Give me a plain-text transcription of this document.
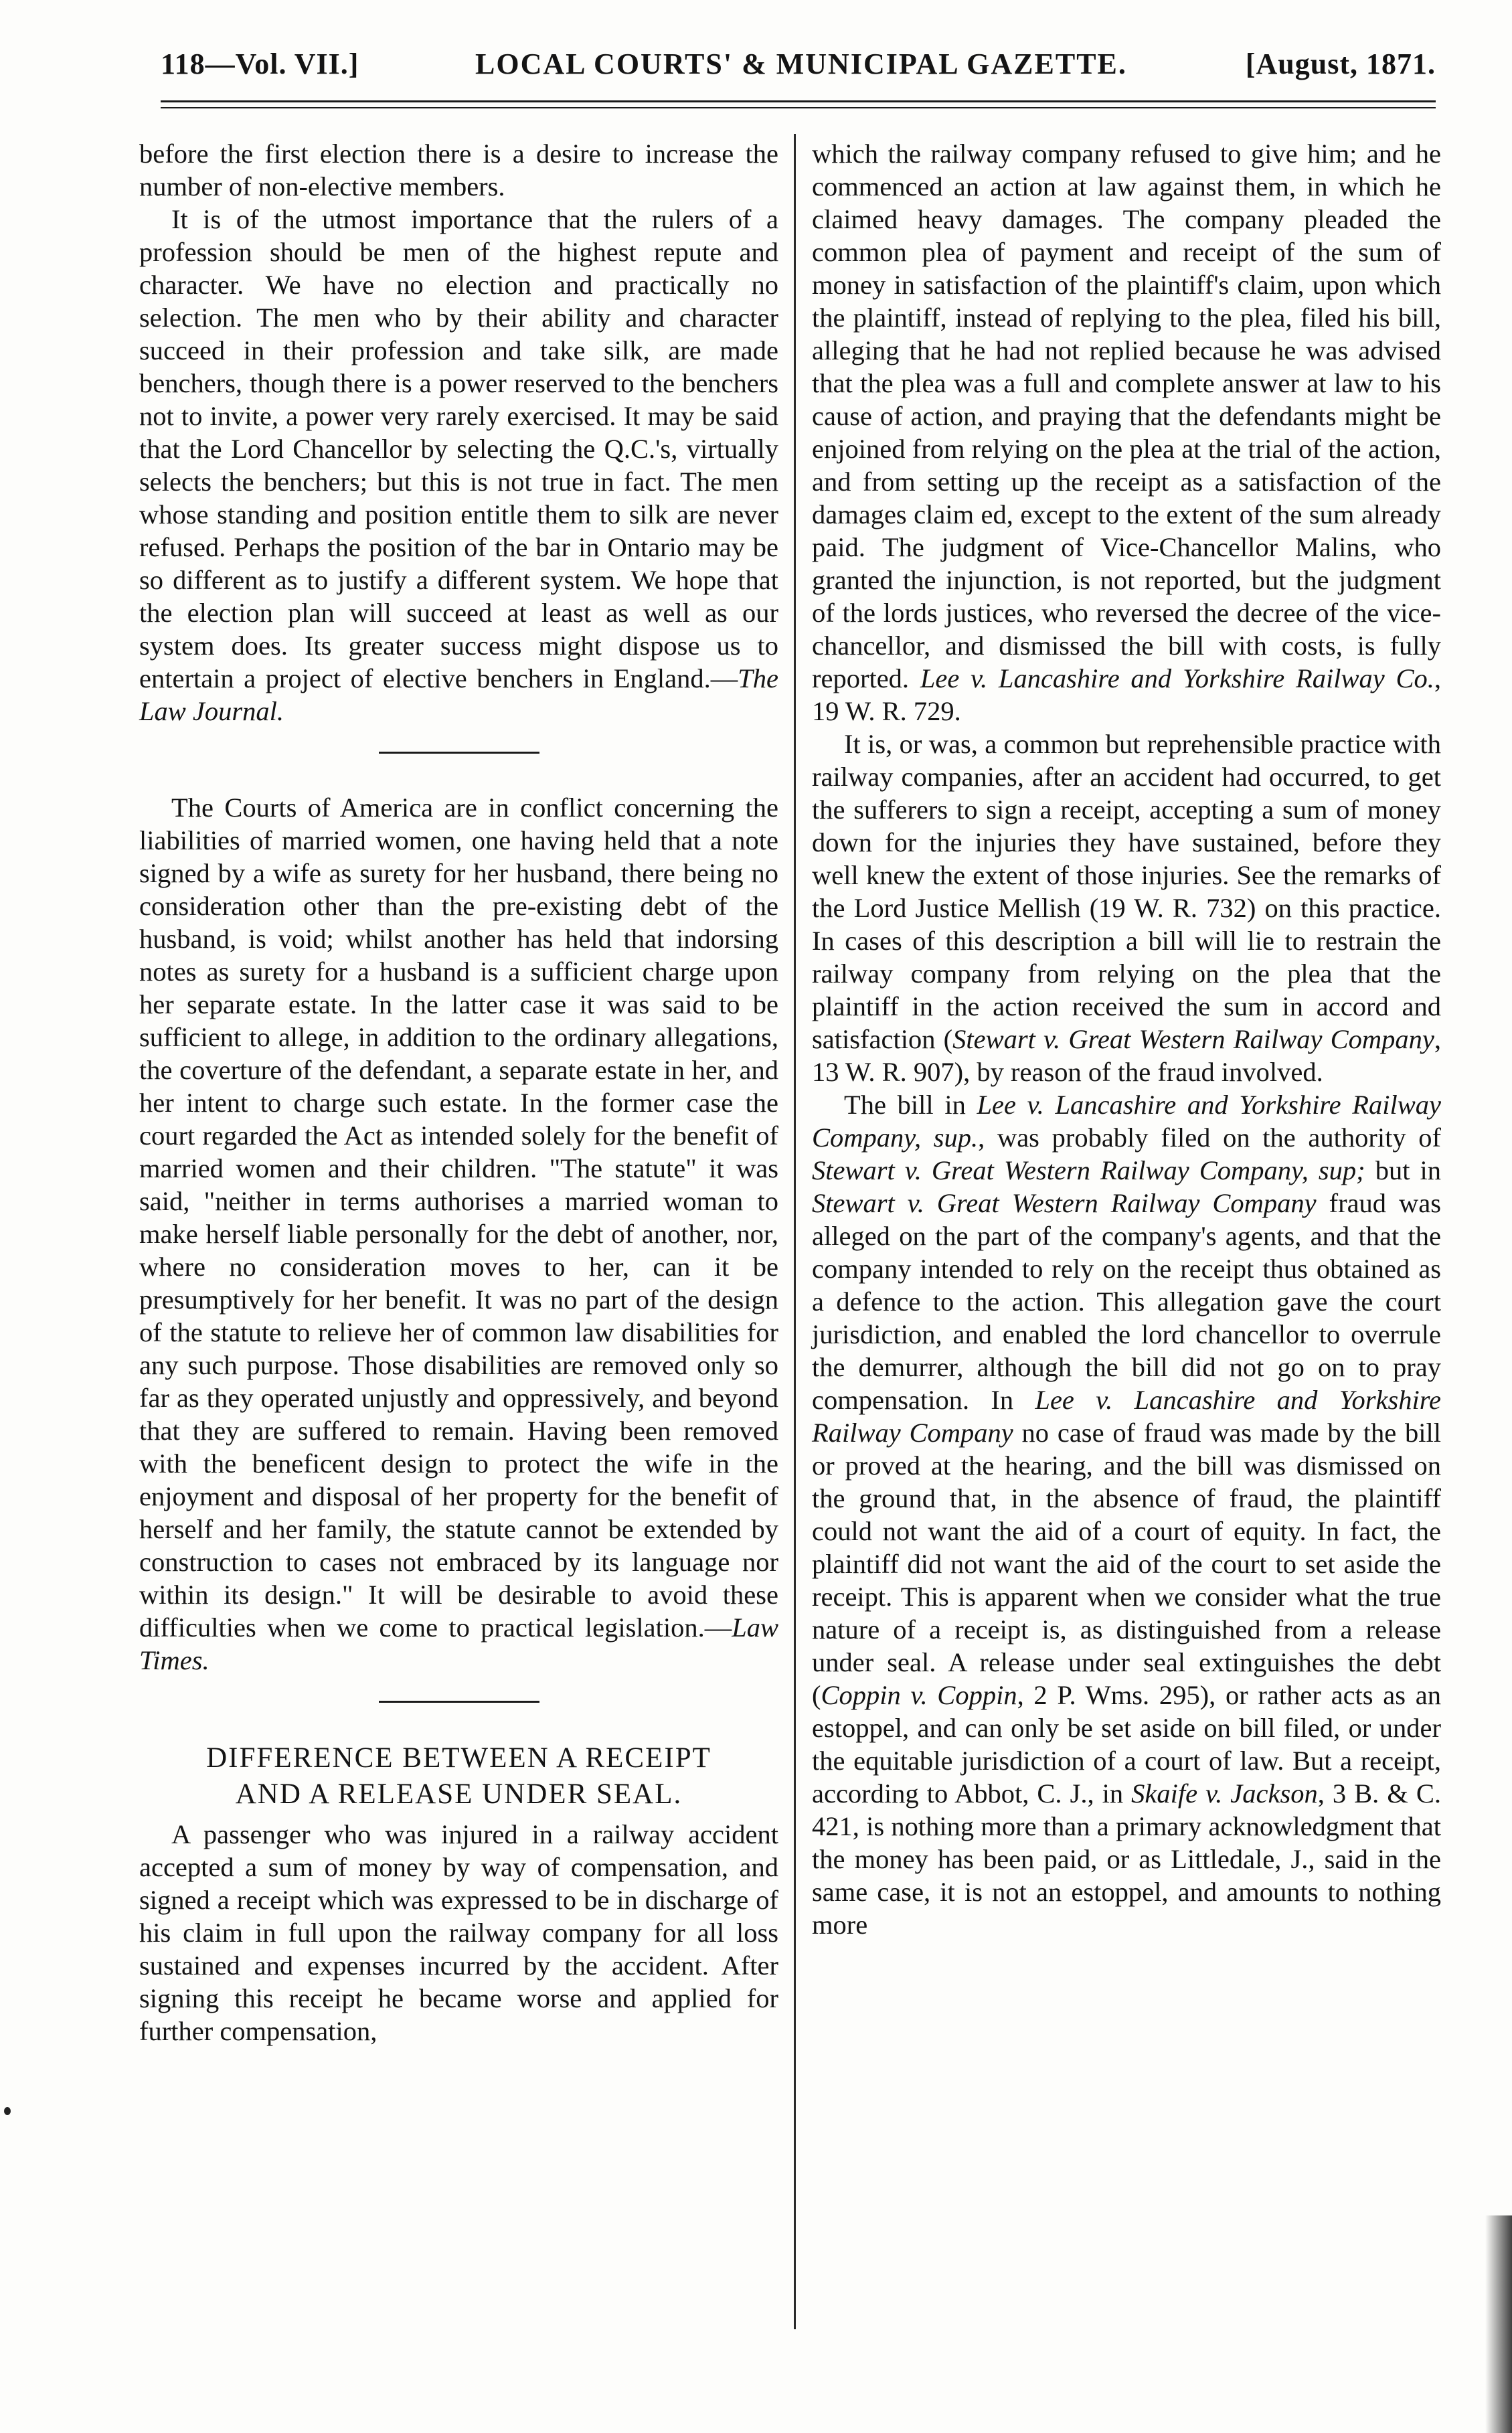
118—Vol. VII.]	LOCAL COURTS' & MUNICIPAL GAZETTE.	[August, 1871.

before the first election there is a desire to increase the number of non-elective members.

It is of the utmost importance that the rulers of a profession should be men of the highest repute and character. We have no election and practically no selection. The men who by their ability and character succeed in their profession and take silk, are made benchers, though there is a power reserved to the benchers not to invite, a power very rarely exercised. It may be said that the Lord Chancellor by selecting the Q.C.'s, virtually selects the benchers; but this is not true in fact. The men whose standing and position entitle them to silk are never refused. Perhaps the position of the bar in Ontario may be so different as to justify a different system. We hope that the election plan will succeed at least as well as our system does. Its greater success might dispose us to entertain a project of elective benchers in England.—The Law Journal.

The Courts of America are in conflict concerning the liabilities of married women, one having held that a note signed by a wife as surety for her husband, there being no consideration other than the pre-existing debt of the husband, is void; whilst another has held that indorsing notes as surety for a husband is a sufficient charge upon her separate estate. In the latter case it was said to be sufficient to allege, in addition to the ordinary allegations, the coverture of the defendant, a separate estate in her, and her intent to charge such estate. In the former case the court regarded the Act as intended solely for the benefit of married women and their children. "The statute" it was said, "neither in terms authorises a married woman to make herself liable personally for the debt of another, nor, where no consideration moves to her, can it be presumptively for her benefit. It was no part of the design of the statute to relieve her of common law disabilities for any such purpose. Those disabilities are removed only so far as they operated unjustly and oppressively, and beyond that they are suffered to remain. Having been removed with the beneficent design to protect the wife in the enjoyment and disposal of her property for the benefit of herself and her family, the statute cannot be extended by construction to cases not embraced by its language nor within its design." It will be desirable to avoid these difficulties when we come to practical legislation.—Law Times.

DIFFERENCE BETWEEN A RECEIPT
AND A RELEASE UNDER SEAL.

A passenger who was injured in a railway accident accepted a sum of money by way of compensation, and signed a receipt which was expressed to be in discharge of his claim in full upon the railway company for all loss sustained and expenses incurred by the accident. After signing this receipt he became worse and applied for further compensation,

which the railway company refused to give him; and he commenced an action at law against them, in which he claimed heavy damages. The company pleaded the common plea of payment and receipt of the sum of money in satisfaction of the plaintiff's claim, upon which the plaintiff, instead of replying to the plea, filed his bill, alleging that he had not replied because he was advised that the plea was a full and complete answer at law to his cause of action, and praying that the defendants might be enjoined from relying on the plea at the trial of the action, and from setting up the receipt as a satisfaction of the damages claim ed, except to the extent of the sum already paid. The judgment of Vice-Chancellor Malins, who granted the injunction, is not reported, but the judgment of the lords justices, who reversed the decree of the vice-chancellor, and dismissed the bill with costs, is fully reported. Lee v. Lancashire and Yorkshire Railway Co., 19 W. R. 729.

It is, or was, a common but reprehensible practice with railway companies, after an accident had occurred, to get the sufferers to sign a receipt, accepting a sum of money down for the injuries they have sustained, before they well knew the extent of those injuries. See the remarks of the Lord Justice Mellish (19 W. R. 732) on this practice. In cases of this description a bill will lie to restrain the railway company from relying on the plea that the plaintiff in the action received the sum in accord and satisfaction (Stewart v. Great Western Railway Company, 13 W. R. 907), by reason of the fraud involved.

The bill in Lee v. Lancashire and Yorkshire Railway Company, sup., was probably filed on the authority of Stewart v. Great Western Railway Company, sup; but in Stewart v. Great Western Railway Company fraud was alleged on the part of the company's agents, and that the company intended to rely on the receipt thus obtained as a defence to the action. This allegation gave the court jurisdiction, and enabled the lord chancellor to overrule the demurrer, although the bill did not go on to pray compensation. In Lee v. Lancashire and Yorkshire Railway Company no case of fraud was made by the bill or proved at the hearing, and the bill was dismissed on the ground that, in the absence of fraud, the plaintiff could not want the aid of a court of equity. In fact, the plaintiff did not want the aid of the court to set aside the receipt. This is apparent when we consider what the true nature of a receipt is, as distinguished from a release under seal. A release under seal extinguishes the debt (Coppin v. Coppin, 2 P. Wms. 295), or rather acts as an estoppel, and can only be set aside on bill filed, or under the equitable jurisdiction of a court of law. But a receipt, according to Abbot, C. J., in Skaife v. Jackson, 3 B. & C. 421, is nothing more than a primary acknowledgment that the money has been paid, or as Littledale, J., said in the same case, it is not an estoppel, and amounts to nothing more
